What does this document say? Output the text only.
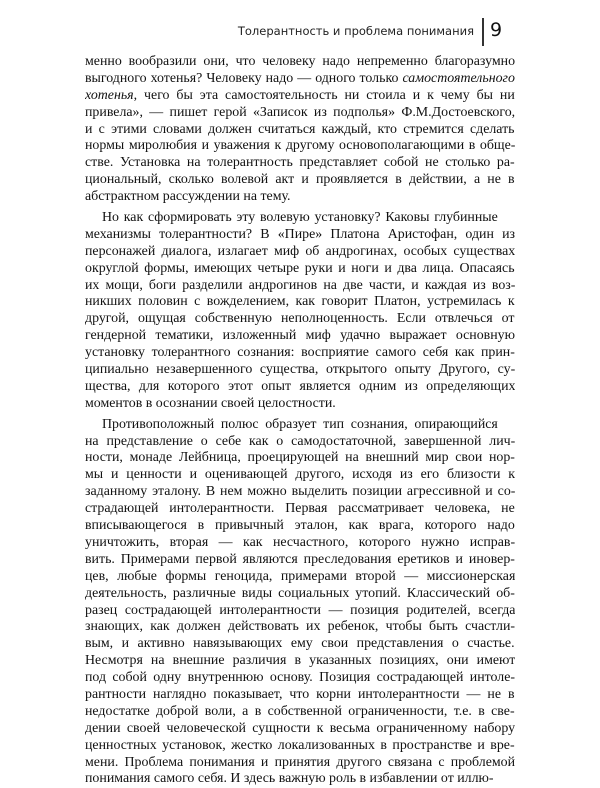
Толерантность и проблема понимания 9
менно вообразили они, что человеку надо непременно благоразумно
выгодного хотенья? Человеку надо — одного только самостоятельного
хотенья, чего бы эта самостоятельность ни стоила и к чему бы ни
привела», — пишет герой «Записок из подполья» Ф.М.Достоевского,
и с этими словами должен считаться каждый, кто стремится сделать
нормы миролюбия и уважения к другому основополагающими в обще-
стве. Установка на толерантность представляет собой не столько ра-
циональный, сколько волевой акт и проявляется в действии, а не в
абстрактном рассуждении на тему.
Но как сформировать эту волевую установку? Каковы глубинные
механизмы толерантности? В «Пире» Платона Аристофан, один из
персонажей диалога, излагает миф об андрогинах, особых существах
округлой формы, имеющих четыре руки и ноги и два лица. Опасаясь
их мощи, боги разделили андрогинов на две части, и каждая из воз-
никших половин с вожделением, как говорит Платон, устремилась к
другой, ощущая собственную неполноценность. Если отвлечься от
гендерной тематики, изложенный миф удачно выражает основную
установку толерантного сознания: восприятие самого себя как прин-
ципиально незавершенного существа, открытого опыту Другого, су-
щества, для которого этот опыт является одним из определяющих
моментов в осознании своей целостности.
Противоположный полюс образует тип сознания, опирающийся
на представление о себе как о самодостаточной, завершенной лич-
ности, монаде Лейбница, проецирующей на внешний мир свои нор-
мы и ценности и оценивающей другого, исходя из его близости к
заданному эталону. В нем можно выделить позиции агрессивной и со-
страдающей интолерантности. Первая рассматривает человека, не
вписывающегося в привычный эталон, как врага, которого надо
уничтожить, вторая — как несчастного, которого нужно исправ-
вить. Примерами первой являются преследования еретиков и иновер-
цев, любые формы геноцида, примерами второй — миссионерская
деятельность, различные виды социальных утопий. Классический об-
разец сострадающей интолерантности — позиция родителей, всегда
знающих, как должен действовать их ребенок, чтобы быть счастли-
вым, и активно навязывающих ему свои представления о счастье.
Несмотря на внешние различия в указанных позициях, они имеют
под собой одну внутреннюю основу. Позиция сострадающей интоле-
рантности наглядно показывает, что корни интолерантности — не в
недостатке доброй воли, а в собственной ограниченности, т.е. в све-
дении своей человеческой сущности к весьма ограниченному набору
ценностных установок, жестко локализованных в пространстве и вре-
мени. Проблема понимания и принятия другого связана с проблемой
понимания самого себя. И здесь важную роль в избавлении от иллю-
